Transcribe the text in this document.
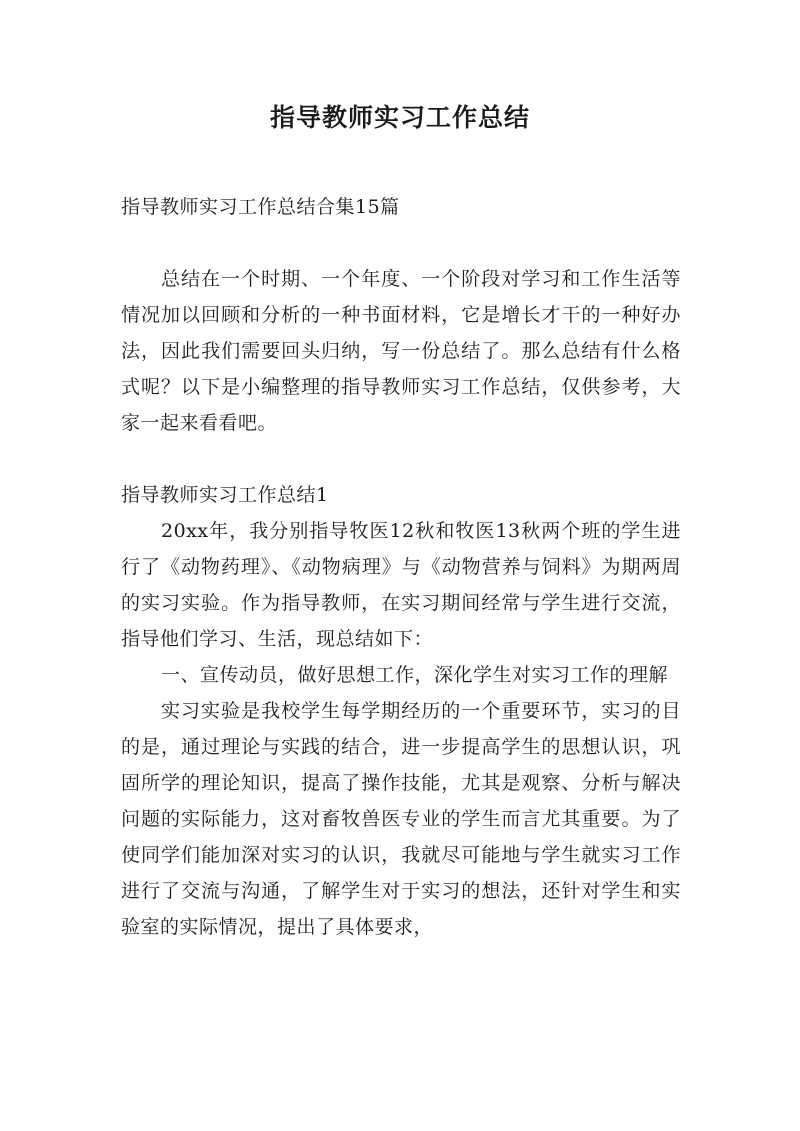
指导教师实习工作总结

指导教师实习工作总结合集15篇

总结在一个时期、一个年度、一个阶段对学习和工作生活等情况加以回顾和分析的一种书面材料，它是增长才干的一种好办法，因此我们需要回头归纳，写一份总结了。那么总结有什么格式呢？以下是小编整理的指导教师实习工作总结，仅供参考，大家一起来看看吧。

指导教师实习工作总结1

20xx年，我分别指导牧医12秋和牧医13秋两个班的学生进行了《动物药理》、《动物病理》与《动物营养与饲料》为期两周的实习实验。作为指导教师，在实习期间经常与学生进行交流，指导他们学习、生活，现总结如下：

一、宣传动员，做好思想工作，深化学生对实习工作的理解

实习实验是我校学生每学期经历的一个重要环节，实习的目的是，通过理论与实践的结合，进一步提高学生的思想认识，巩固所学的理论知识，提高了操作技能，尤其是观察、分析与解决问题的实际能力，这对畜牧兽医专业的学生而言尤其重要。为了使同学们能加深对实习的认识，我就尽可能地与学生就实习工作进行了交流与沟通，了解学生对于实习的想法，还针对学生和实验室的实际情况，提出了具体要求，
